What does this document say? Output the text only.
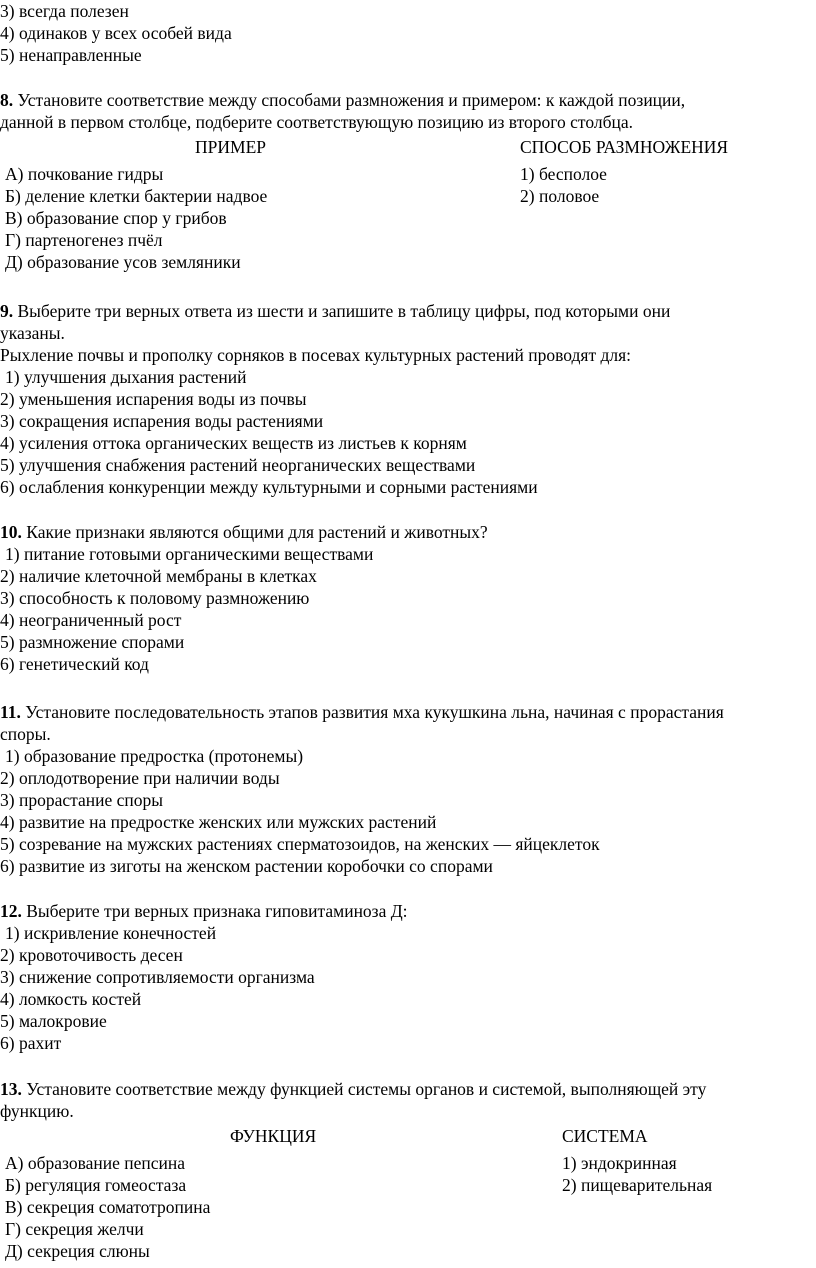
3) всегда полезен
4) одинаков у всех особей вида
5) ненаправленные
8. Установите соответствие между способами размножения и примером: к каждой позиции,
данной в первом столбце, подберите соответствующую позицию из второго столбца.
ПРИМЕР	СПОСОБ РАЗМНОЖЕНИЯ
А) почкование гидры
Б) деление клетки бактерии надвое
В) образование спор у грибов
Г) партеногенез пчёл
Д) образование усов земляники
1) бесполое
2) половое
9. Выберите три верных ответа из шести и запишите в таблицу цифры, под которыми они
указаны.
Рыхление почвы и прополку сорняков в посевах культурных растений проводят для:
1) улучшения дыхания растений
2) уменьшения испарения воды из почвы
3) сокращения испарения воды растениями
4) усиления оттока органических веществ из листьев к корням
5) улучшения снабжения растений неорганических веществами
6) ослабления конкуренции между культурными и сорными растениями
10. Какие признаки являются общими для растений и животных?
1) питание готовыми органическими веществами
2) наличие клеточной мембраны в клетках
3) способность к половому размножению
4) неограниченный рост
5) размножение спорами
6) генетический код
11. Установите последовательность этапов развития мха кукушкина льна, начиная с прорастания
споры.
1) образование предростка (протонемы)
2) оплодотворение при наличии воды
3) прорастание споры
4) развитие на предростке женских или мужских растений
5) созревание на мужских растениях сперматозоидов, на женских — яйцеклеток
6) развитие из зиготы на женском растении коробочки со спорами
12. Выберите три верных признака гиповитаминоза Д:
1) искривление конечностей
2) кровоточивость десен
3) снижение сопротивляемости организма
4) ломкость костей
5) малокровие
6) рахит
13. Установите соответствие между функцией системы органов и системой, выполняющей эту
функцию.
ФУНКЦИЯ	СИСТЕМА
А) образование пепсина
Б) регуляция гомеостаза
В) секреция соматотропина
Г) секреция желчи
Д) секреция слюны
1) эндокринная
2) пищеварительная
